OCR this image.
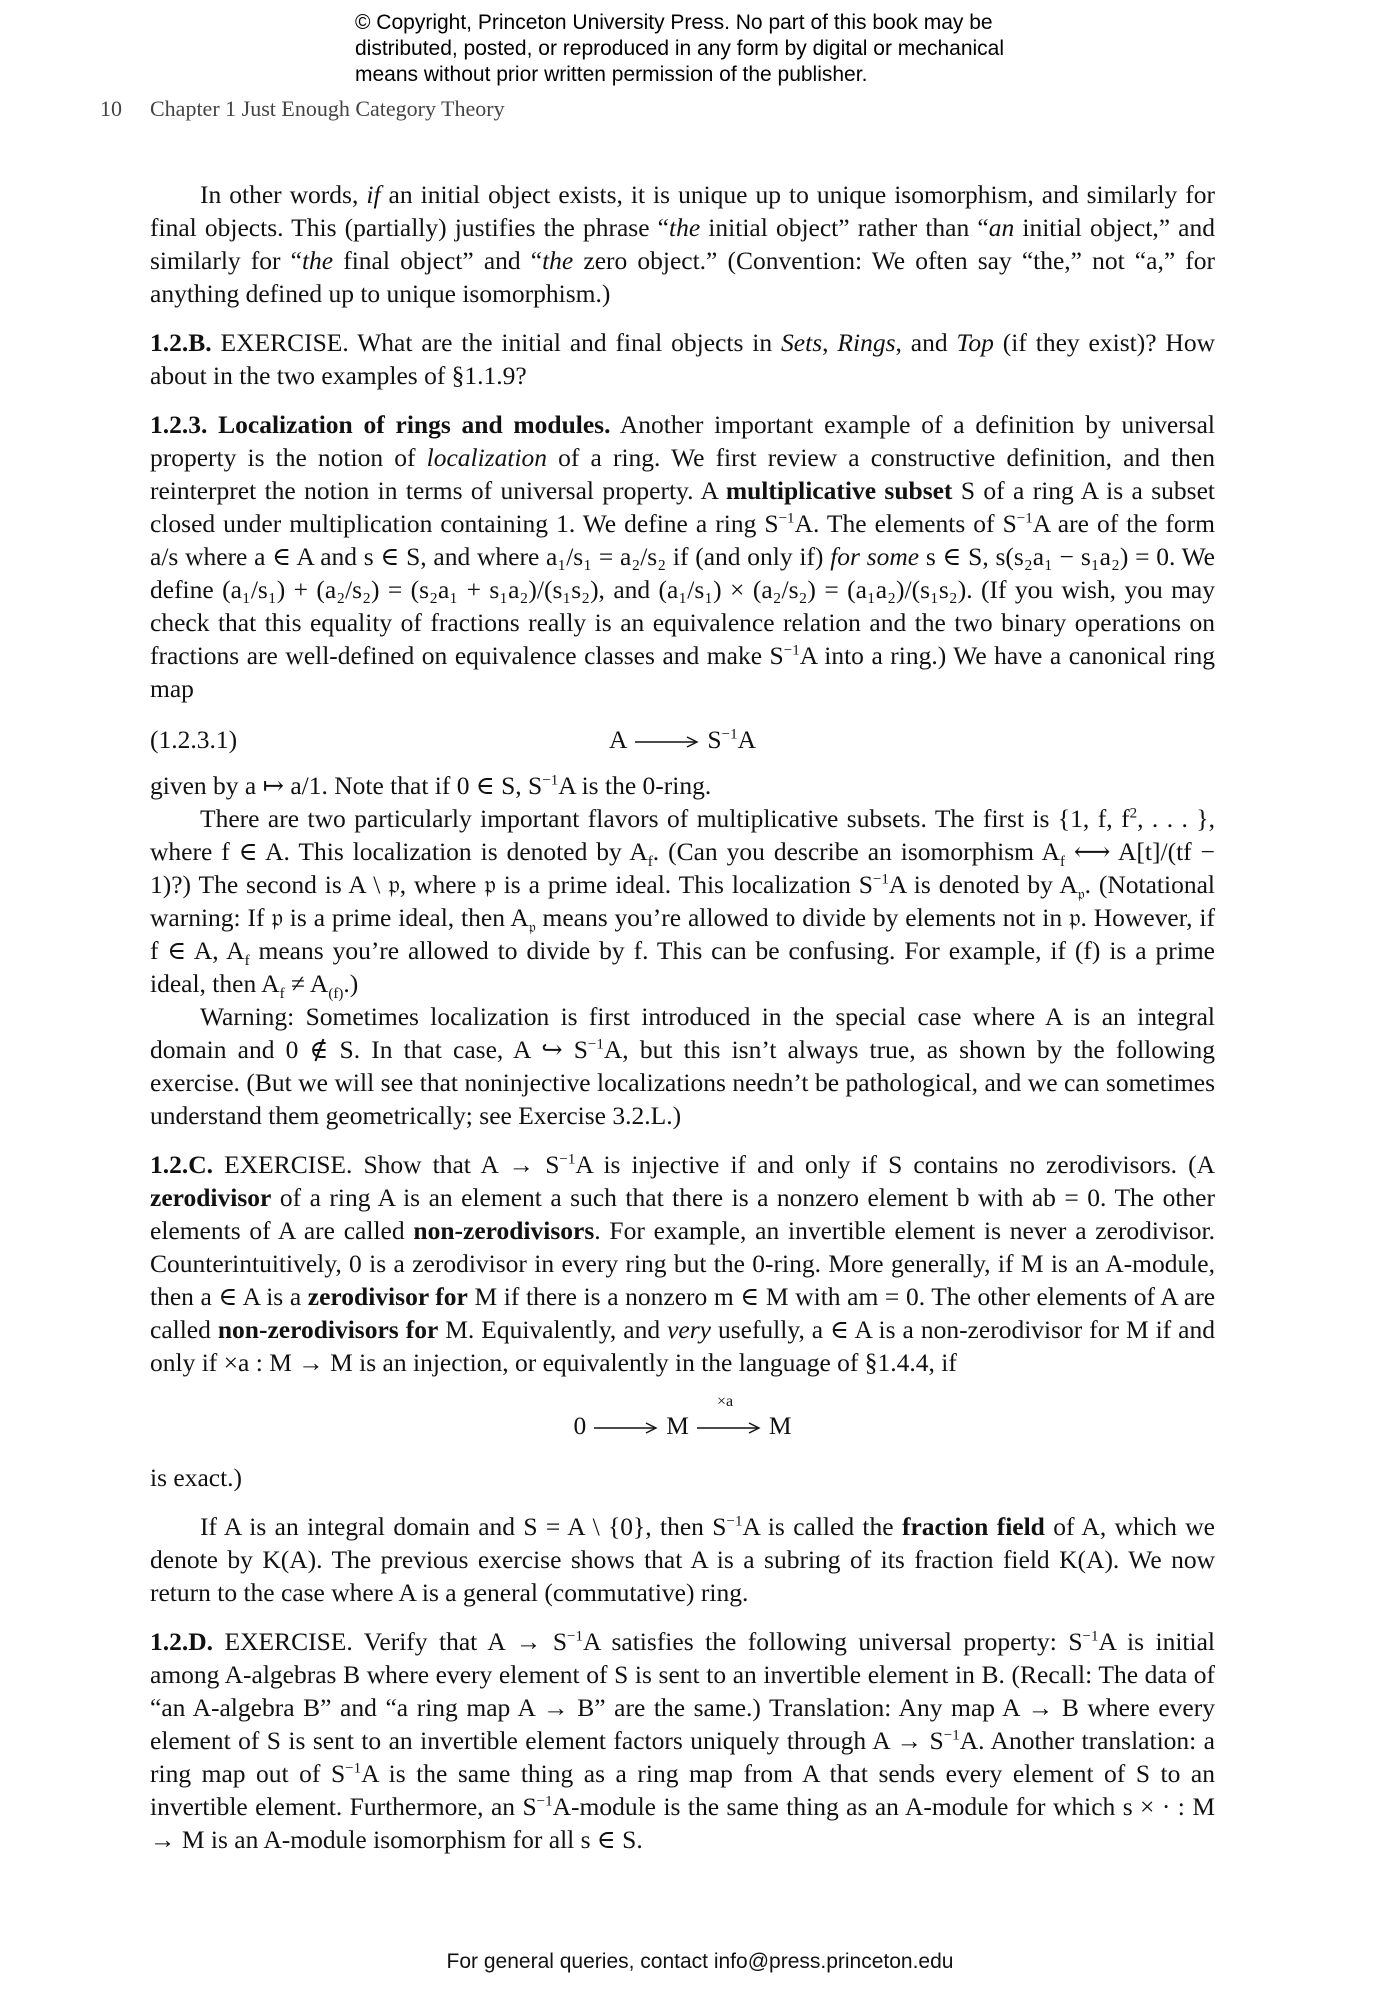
© Copyright, Princeton University Press. No part of this book may be
distributed, posted, or reproduced in any form by digital or mechanical
means without prior written permission of the publisher.
10 Chapter 1 Just Enough Category Theory

In other words, if an initial object exists, it is unique up to unique isomorphism, and similarly for final objects. This (partially) justifies the phrase “the initial object” rather than “an initial object,” and similarly for “the final object” and “the zero object.” (Convention: We often say “the,” not “a,” for anything defined up to unique isomorphism.)

1.2.B. EXERCISE. What are the initial and final objects in Sets, Rings, and Top (if they exist)? How about in the two examples of §1.1.9?

1.2.3. Localization of rings and modules. Another important example of a definition by universal property is the notion of localization of a ring. We first review a constructive definition, and then reinterpret the notion in terms of universal property. A multiplicative subset S of a ring A is a subset closed under multiplication containing 1. We define a ring $S^{-1}A$. The elements of $S^{-1}A$ are of the form a/s where a ∈ A and s ∈ S, and where a₁/s₁ = a₂/s₂ if (and only if) for some s ∈ S, s(s₂a₁ − s₁a₂) = 0. We define (a₁/s₁) + (a₂/s₂) = (s₂a₁ + s₁a₂)/(s₁s₂), and (a₁/s₁) × (a₂/s₂) = (a₁a₂)/(s₁s₂). (If you wish, you may check that this equality of fractions really is an equivalence relation and the two binary operations on fractions are well-defined on equivalence classes and make $S^{-1}A$ into a ring.) We have a canonical ring map

(1.2.3.1)	A	$S^{-1}A$

given by a ↦ a/1. Note that if 0 ∈ S, $S^{-1}A$ is the 0-ring.

There are two particularly important flavors of multiplicative subsets. The first is {1, f, $f^2$, . . . }, where f ∈ A. This localization is denoted by $A_f$. (Can you describe an isomorphism $A_f$ ⟷ A[t]/(tf − 1)?) The second is A \ 𝔭, where 𝔭 is a prime ideal. This localization $S^{-1}A$ is denoted by $A_𝔭$. (Notational warning: If 𝔭 is a prime ideal, then $A_𝔭$ means you’re allowed to divide by elements not in 𝔭. However, if f ∈ A, $A_f$ means you’re allowed to divide by f. This can be confusing. For example, if (f) is a prime ideal, then $A_f \ne A_{(f)}$.)

Warning: Sometimes localization is first introduced in the special case where A is an integral domain and 0 ∉ S. In that case, A ↪ $S^{-1}A$, but this isn’t always true, as shown by the following exercise. (But we will see that noninjective localizations needn’t be pathological, and we can sometimes understand them geometrically; see Exercise 3.2.L.)

1.2.C. EXERCISE. Show that $A \to S^{-1}A$ is injective if and only if S contains no zerodivisors. (A zerodivisor of a ring A is an element a such that there is a nonzero element b with ab = 0. The other elements of A are called non-zerodivisors. For example, an invertible element is never a zerodivisor. Counterintuitively, 0 is a zerodivisor in every ring but the 0-ring. More generally, if M is an A-module, then a ∈ A is a zerodivisor for M if there is a nonzero m ∈ M with am = 0. The other elements of A are called non-zerodivisors for M. Equivalently, and very usefully, a ∈ A is a non-zerodivisor for M if and only if ×a : M → M is an injection, or equivalently in the language of §1.4.4, if

×a
0	M	M

is exact.)

If A is an integral domain and S = A \ {0}, then $S^{-1}A$ is called the fraction field of A, which we denote by K(A). The previous exercise shows that A is a subring of its fraction field K(A). We now return to the case where A is a general (commutative) ring.

1.2.D. EXERCISE. Verify that $A \to S^{-1}A$ satisfies the following universal property: $S^{-1}A$ is initial among A-algebras B where every element of S is sent to an invertible element in B. (Recall: The data of “an A-algebra B” and “a ring map A → B” are the same.) Translation: Any map A → B where every element of S is sent to an invertible element factors uniquely through $A \to S^{-1}A$. Another translation: a ring map out of $S^{-1}A$ is the same thing as a ring map from A that sends every element of S to an invertible element. Furthermore, an $S^{-1}A$-module is the same thing as an A-module for which s × · : M → M is an A-module isomorphism for all s ∈ S.

For general queries, contact info@press.princeton.edu
